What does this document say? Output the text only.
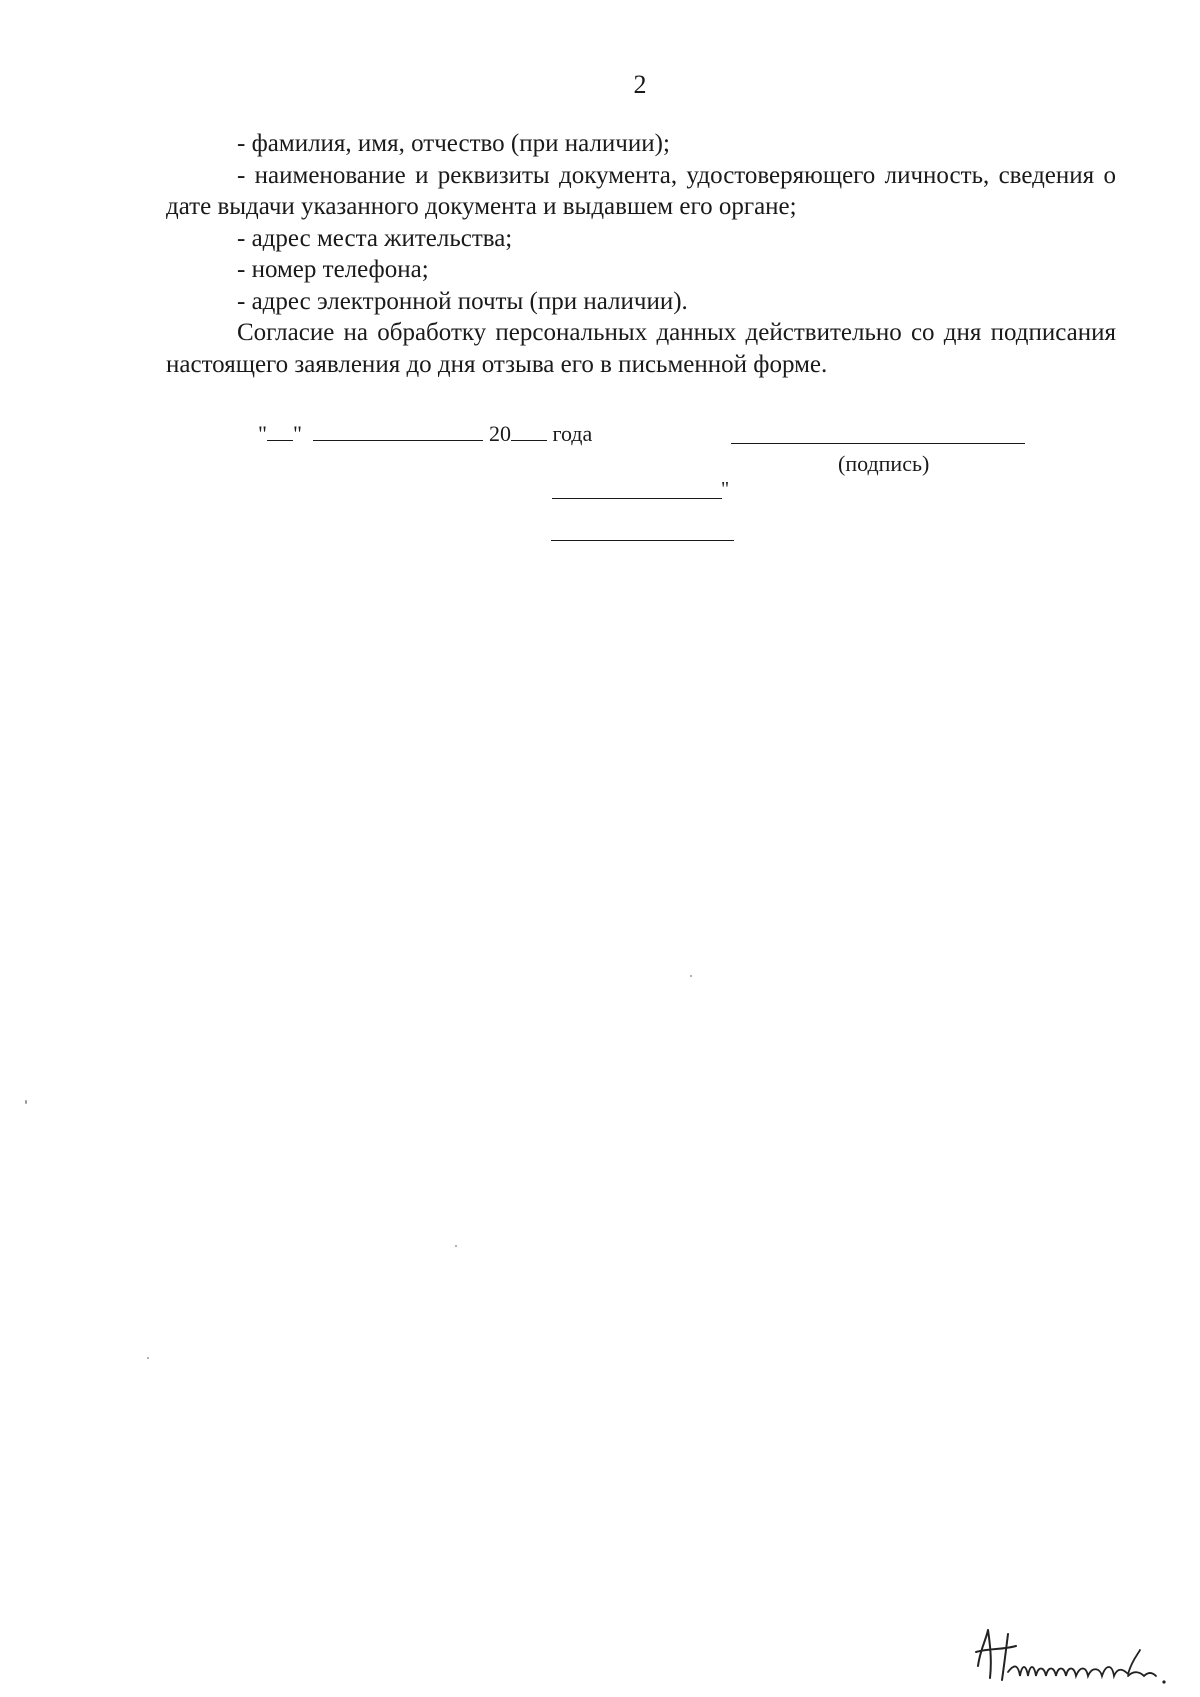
2

- фамилия, имя, отчество (при наличии);

- наименование и реквизиты документа, удостоверяющего личность, сведения о дате выдачи указанного документа и выдавшем его органе;

- адрес места жительства;

- номер телефона;

- адрес электронной почты (при наличии).

Согласие на обработку персональных данных действительно со дня подписания настоящего заявления до дня отзыва его в письменной форме.

" "	20 года
(подпись)
"
